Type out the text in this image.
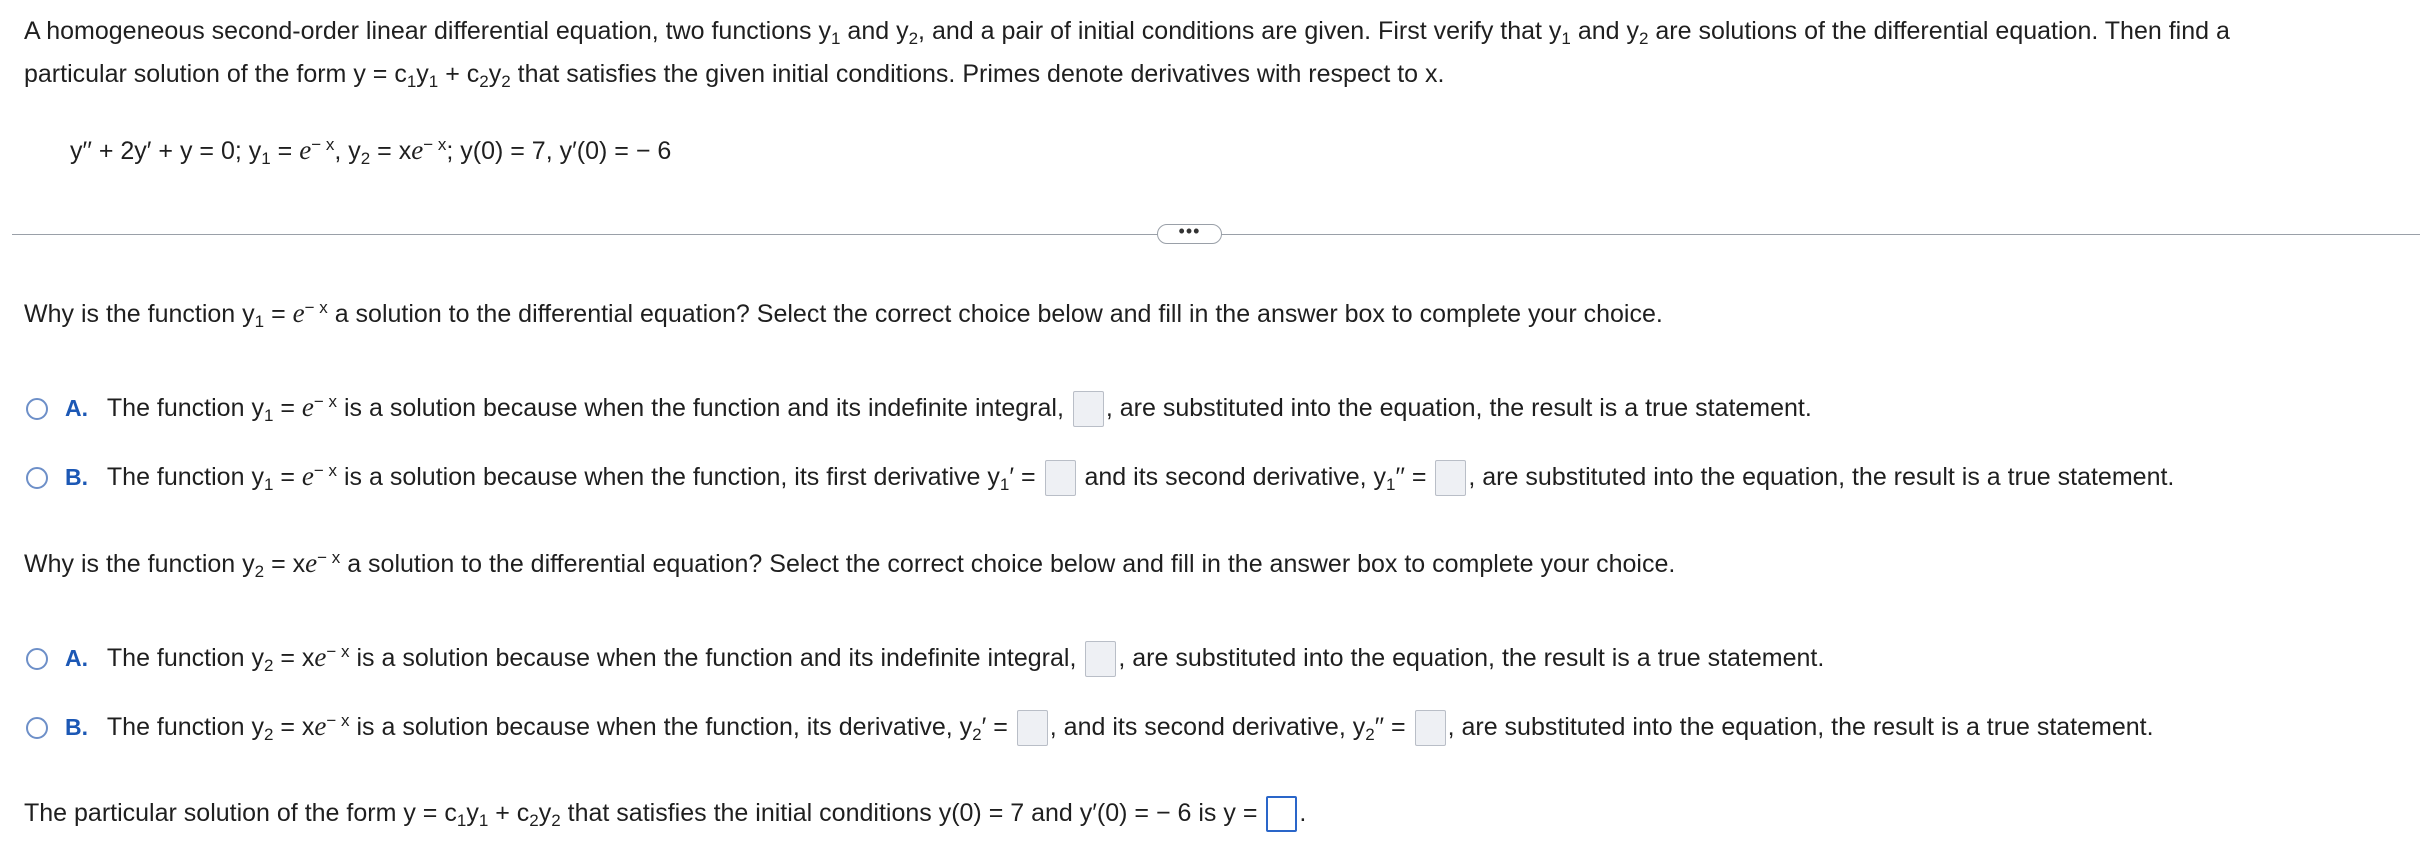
A homogeneous second-order linear differential equation, two functions $y_1$ and $y_2$, and a pair of initial conditions are given. First verify that $y_1$ and $y_2$ are solutions of the differential equation. Then find a
particular solution of the form $y = c_1y_1 + c_2y_2$ that satisfies the given initial conditions. Primes denote derivatives with respect to x.
y′′ + 2y′ + y = 0; $y_1 = e^{- x}$, $y_2 = xe^{- x}$; y(0) = 7, y′(0) = − 6
•••
Why is the function $y_1 = e^{- x}$ a solution to the differential equation? Select the correct choice below and fill in the answer box to complete your choice.
A. The function $y_1 = e^{- x}$ is a solution because when the function and its indefinite integral, , are substituted into the equation, the result is a true statement.
B. The function $y_1 = e^{- x}$ is a solution because when the function, its first derivative $y_1'$ =  and its second derivative, $y_1''$ = , are substituted into the equation, the result is a true statement.
Why is the function $y_2 = xe^{- x}$ a solution to the differential equation? Select the correct choice below and fill in the answer box to complete your choice.
A. The function $y_2 = xe^{- x}$ is a solution because when the function and its indefinite integral, , are substituted into the equation, the result is a true statement.
B. The function $y_2 = xe^{- x}$ is a solution because when the function, its derivative, $y_2'$ = , and its second derivative, $y_2''$ = , are substituted into the equation, the result is a true statement.
The particular solution of the form $y = c_1y_1 + c_2y_2$ that satisfies the initial conditions y(0) = 7 and y′(0) = − 6 is y = .
